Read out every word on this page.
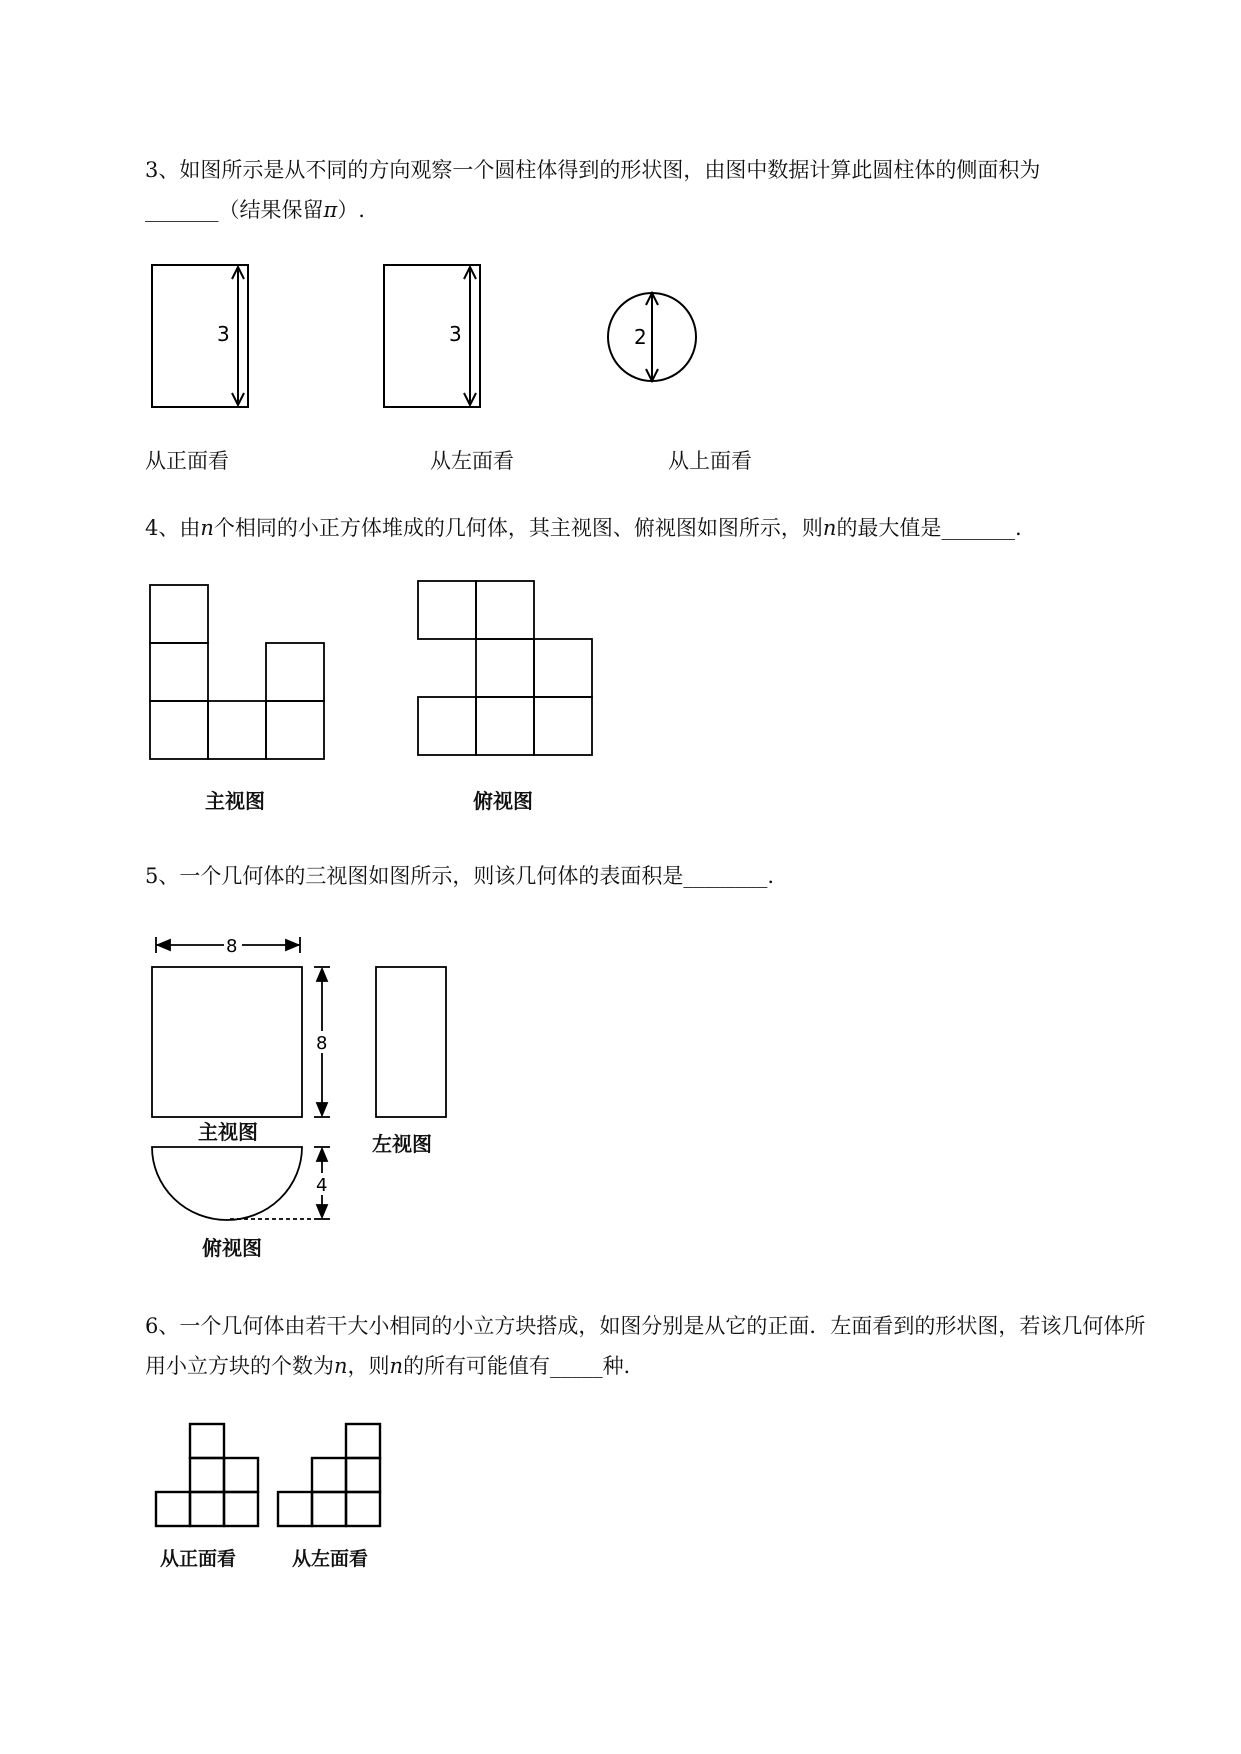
3、如图所示是从不同的方向观察一个圆柱体得到的形状图，由图中数据计算此圆柱体的侧面积为
_______（结果保留π）.
3	3	2
从正面看	从左面看	从上面看
4、由n个相同的小正方体堆成的几何体，其主视图、俯视图如图所示，则n的最大值是_______.
主视图	俯视图
5、一个几何体的三视图如图所示，则该几何体的表面积是________.
8
8
4
主视图	左视图
俯视图
6、一个几何体由若干大小相同的小立方块搭成，如图分别是从它的正面．左面看到的形状图，若该几何体所用小立方块的个数为n，则n的所有可能值有_____种.
从正面看	从左面看
